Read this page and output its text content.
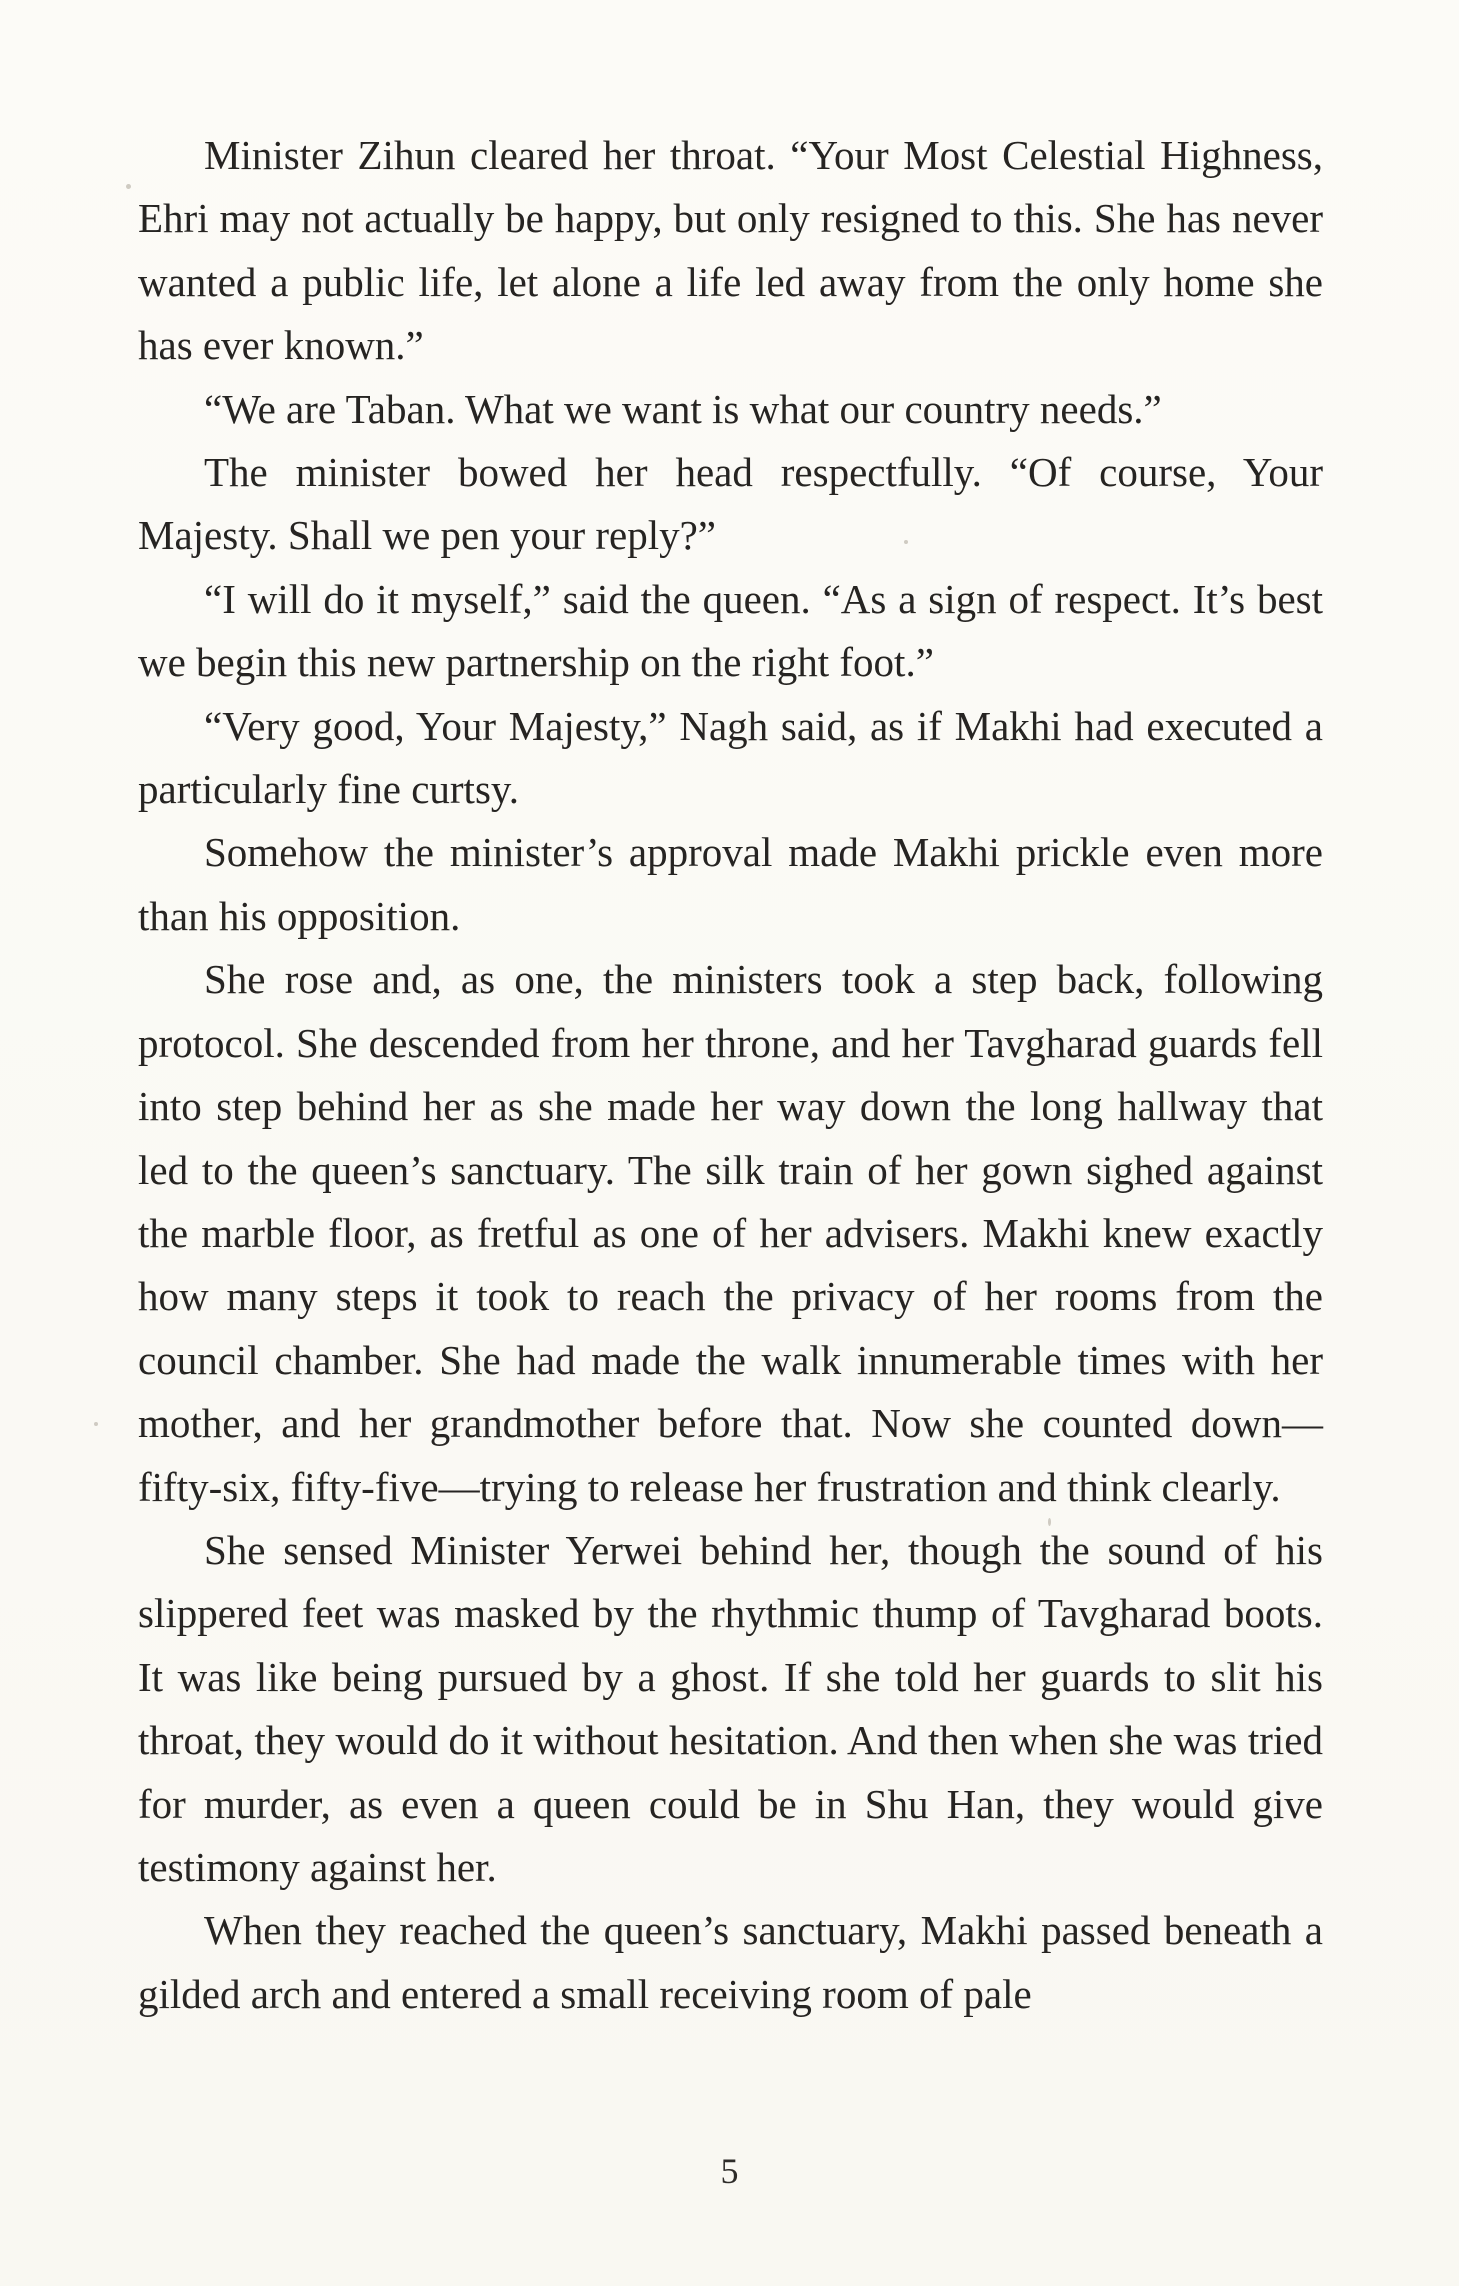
Minister Zihun cleared her throat. “Your Most Celestial Highness, Ehri may not actually be happy, but only resigned to this. She has never wanted a public life, let alone a life led away from the only home she has ever known.”

“We are Taban. What we want is what our country needs.”

The minister bowed her head respectfully. “Of course, Your Majesty. Shall we pen your reply?”

“I will do it myself,” said the queen. “As a sign of respect. It’s best we begin this new partnership on the right foot.”

“Very good, Your Majesty,” Nagh said, as if Makhi had executed a particularly fine curtsy.

Somehow the minister’s approval made Makhi prickle even more than his opposition.

She rose and, as one, the ministers took a step back, following protocol. She descended from her throne, and her Tavgharad guards fell into step behind her as she made her way down the long hallway that led to the queen’s sanctuary. The silk train of her gown sighed against the marble floor, as fretful as one of her advisers. Makhi knew exactly how many steps it took to reach the privacy of her rooms from the council chamber. She had made the walk innumerable times with her mother, and her grandmother before that. Now she counted down—fifty-six, fifty-five—trying to release her frustration and think clearly.

She sensed Minister Yerwei behind her, though the sound of his slippered feet was masked by the rhythmic thump of Tavgharad boots. It was like being pursued by a ghost. If she told her guards to slit his throat, they would do it without hesitation. And then when she was tried for murder, as even a queen could be in Shu Han, they would give testimony against her.

When they reached the queen’s sanctuary, Makhi passed beneath a gilded arch and entered a small receiving room of pale

5
